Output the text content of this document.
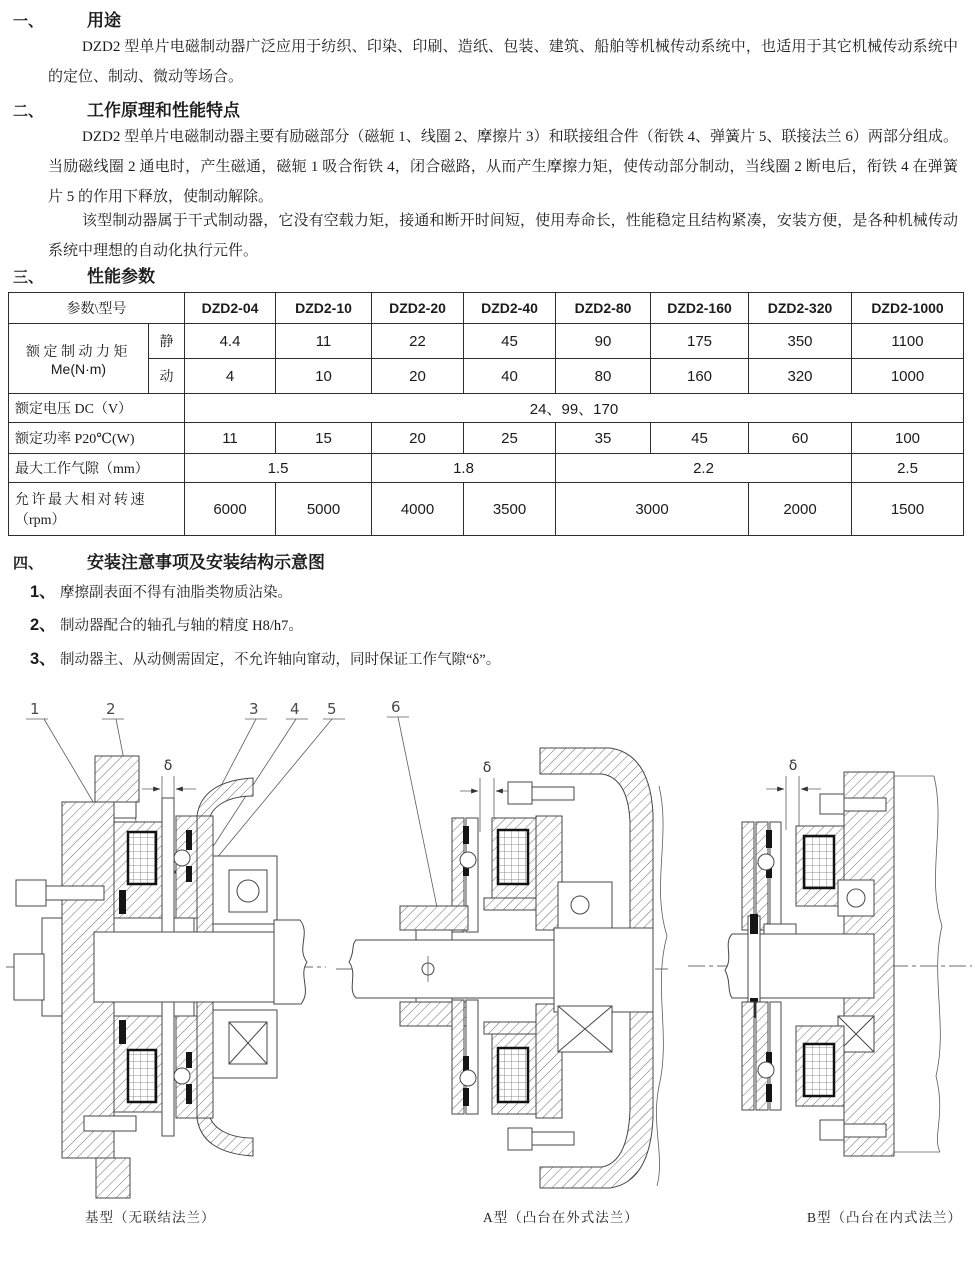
一、	用途

DZD2 型单片电磁制动器广泛应用于纺织、印染、印刷、造纸、包装、建筑、船舶等机械传动系统中，也适用于其它机械传动系统中的定位、制动、微动等场合。

二、	工作原理和性能特点

DZD2 型单片电磁制动器主要有励磁部分（磁轭 1、线圈 2、摩擦片 3）和联接组合件（衔铁 4、弹簧片 5、联接法兰 6）两部分组成。当励磁线圈 2 通电时，产生磁通，磁轭 1 吸合衔铁 4，闭合磁路，从而产生摩擦力矩，使传动部分制动，当线圈 2 断电后，衔铁 4 在弹簧片 5 的作用下释放，使制动解除。

该型制动器属于干式制动器，它没有空载力矩，接通和断开时间短，使用寿命长，性能稳定且结构紧凑，安装方便，是各种机械传动系统中理想的自动化执行元件。

三、	性能参数
参数\型号		DZD2-04	DZD2-10	DZD2-20	DZD2-40	DZD2-80	DZD2-160	DZD2-320	DZD2-1000

额定制动力矩
Me(N·m)	静	4.4	11	22	45	90	175	350	1100
	动	4	10	20	40	80	160	320	1000
额定电压 DC（V）		24、99、170							
额定功率 P20℃(W)		11	15	20	25	35	45	60	100
最大工作气隙（mm）		1.5		1.8		2.2			2.5

允许最大相对转速
（rpm）		6000	5000	4000	3500	3000		2000	1500
四、	安装注意事项及安装结构示意图
1、 摩擦副表面不得有油脂类物质沾染。
2、 制动器配合的轴孔与轴的精度 H8/h7。
3、 制动器主、从动侧需固定，不允许轴向窜动，同时保证工作气隙“δ”。
1	2	3 4 5	6
δ	δ	δ
基型（无联结法兰）	A型（凸台在外式法兰）	B型（凸台在内式法兰）
